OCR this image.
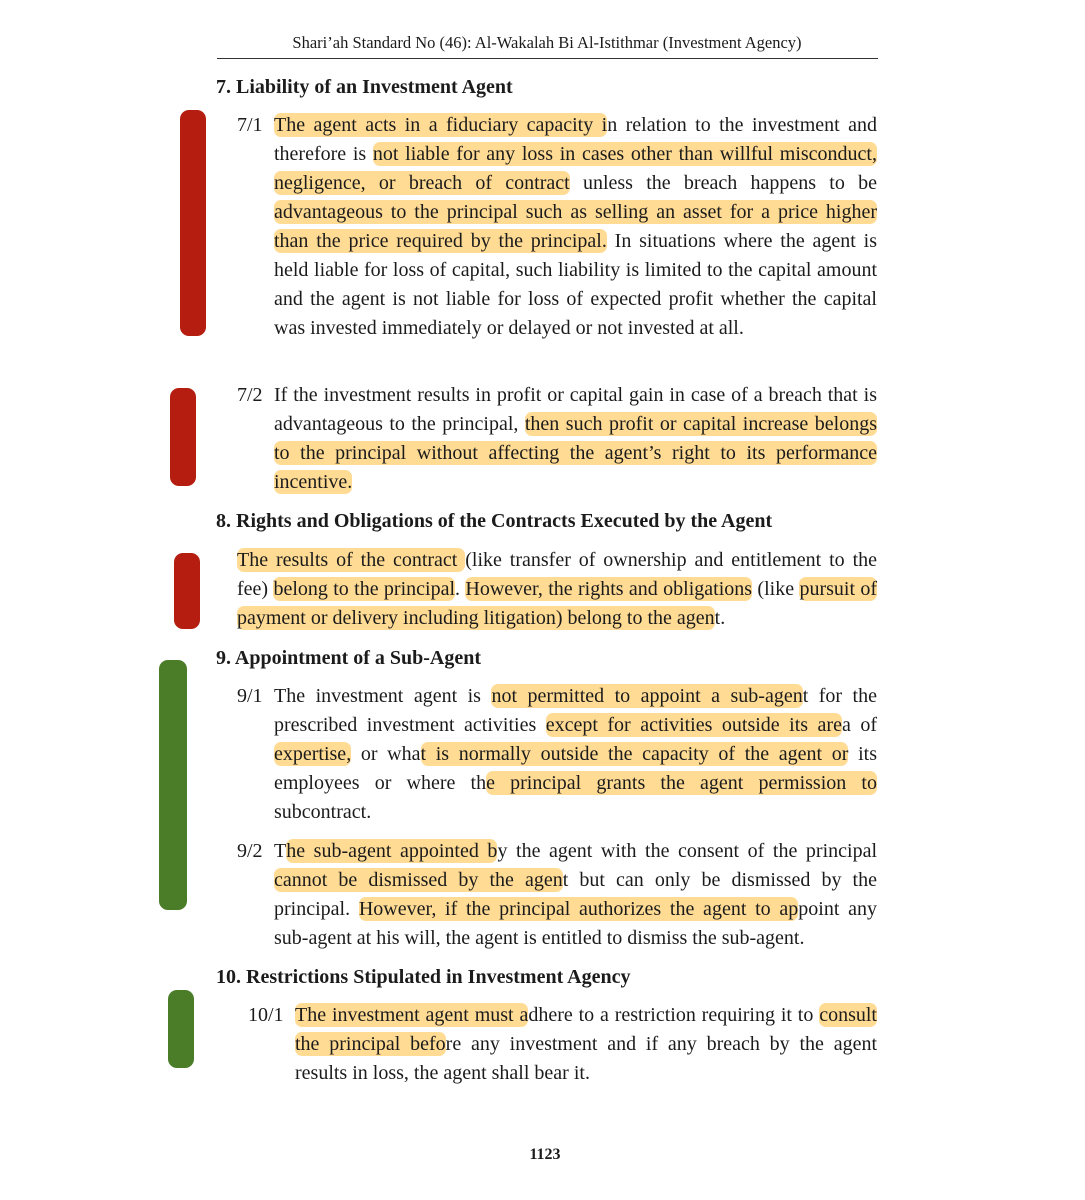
Shari’ah Standard No (46): Al-Wakalah Bi Al-Istithmar (Investment Agency)
7. Liability of an Investment Agent
7/1 The agent acts in a fiduciary capacity in relation to the investment and therefore is not liable for any loss in cases other than willful misconduct, negligence, or breach of contract unless the breach happens to be advantageous to the principal such as selling an asset for a price higher than the price required by the principal. In situations where the agent is held liable for loss of capital, such liability is limited to the capital amount and the agent is not liable for loss of expected profit whether the capital was invested immediately or delayed or not invested at all.
7/2 If the investment results in profit or capital gain in case of a breach that is advantageous to the principal, then such profit or capital increase belongs to the principal without affecting the agent’s right to its performance incentive.
8. Rights and Obligations of the Contracts Executed by the Agent
The results of the contract (like transfer of ownership and entitlement to the fee) belong to the principal. However, the rights and obligations (like pursuit of payment or delivery including litigation) belong to the agent.
9. Appointment of a Sub-Agent
9/1 The investment agent is not permitted to appoint a sub-agent for the prescribed investment activities except for activities outside its area of expertise, or what is normally outside the capacity of the agent or its employees or where the principal grants the agent permission to subcontract.
9/2 The sub-agent appointed by the agent with the consent of the principal cannot be dismissed by the agent but can only be dismissed by the principal. However, if the principal authorizes the agent to appoint any sub-agent at his will, the agent is entitled to dismiss the sub-agent.
10. Restrictions Stipulated in Investment Agency
10/1 The investment agent must adhere to a restriction requiring it to consult the principal before any investment and if any breach by the agent results in loss, the agent shall bear it.
1123
